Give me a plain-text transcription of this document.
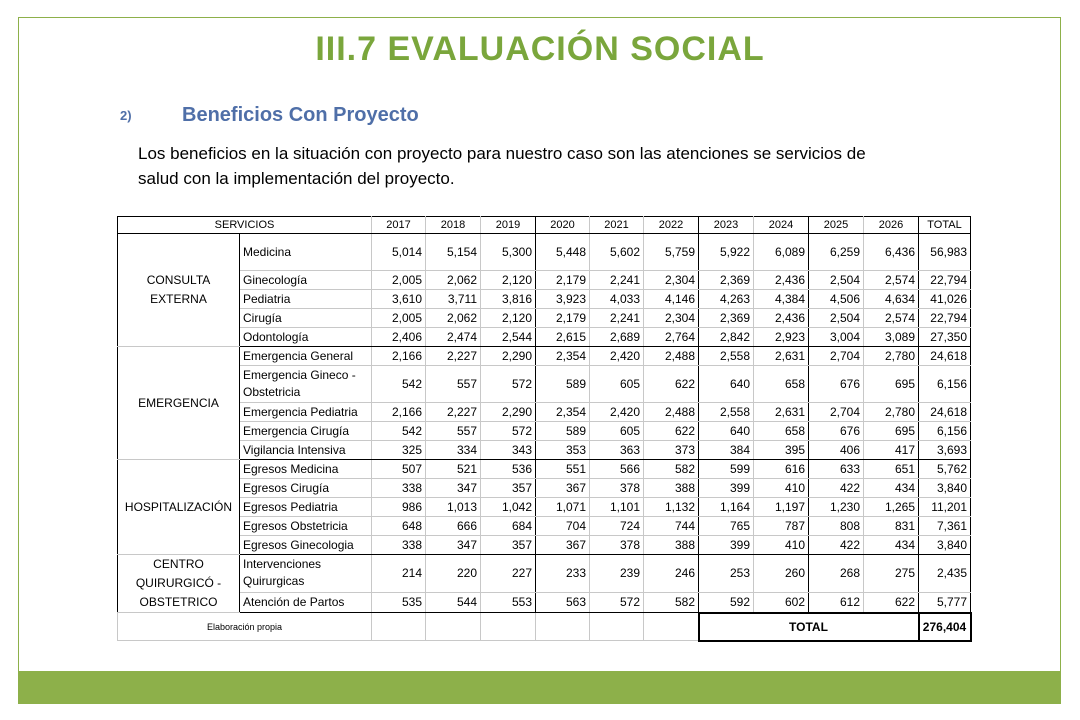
III.7 EVALUACIÓN SOCIAL
2)	Beneficios Con Proyecto
Los beneficios en la situación con proyecto para nuestro caso son las atenciones se servicios de
salud con la implementación del proyecto.
SERVICIOS		2017	2018	2019	2020	2021	2022	2023	2024	2025	2026	TOTAL
CONSULTA EXTERNA	Medicina	5,014	5,154	5,300	5,448	5,602	5,759	5,922	6,089	6,259	6,436	56,983
	Ginecología	2,005	2,062	2,120	2,179	2,241	2,304	2,369	2,436	2,504	2,574	22,794
	Pediatria	3,610	3,711	3,816	3,923	4,033	4,146	4,263	4,384	4,506	4,634	41,026
	Cirugía	2,005	2,062	2,120	2,179	2,241	2,304	2,369	2,436	2,504	2,574	22,794
	Odontología	2,406	2,474	2,544	2,615	2,689	2,764	2,842	2,923	3,004	3,089	27,350
EMERGENCIA	Emergencia General	2,166	2,227	2,290	2,354	2,420	2,488	2,558	2,631	2,704	2,780	24,618
	Emergencia Gineco - Obstetricia	542	557	572	589	605	622	640	658	676	695	6,156
	Emergencia Pediatria	2,166	2,227	2,290	2,354	2,420	2,488	2,558	2,631	2,704	2,780	24,618
	Emergencia Cirugía	542	557	572	589	605	622	640	658	676	695	6,156
	Vigilancia Intensiva	325	334	343	353	363	373	384	395	406	417	3,693
HOSPITALIZACIÓN	Egresos Medicina	507	521	536	551	566	582	599	616	633	651	5,762
	Egresos Cirugía	338	347	357	367	378	388	399	410	422	434	3,840
	Egresos Pediatria	986	1,013	1,042	1,071	1,101	1,132	1,164	1,197	1,230	1,265	11,201
	Egresos Obstetricia	648	666	684	704	724	744	765	787	808	831	7,361
	Egresos Ginecologia	338	347	357	367	378	388	399	410	422	434	3,840
CENTRO QUIRURGICÓ - OBSTETRICO	Intervenciones Quirurgicas	214	220	227	233	239	246	253	260	268	275	2,435
	Atención de Partos	535	544	553	563	572	582	592	602	612	622	5,777
Elaboración propia								TOTAL				276,404
